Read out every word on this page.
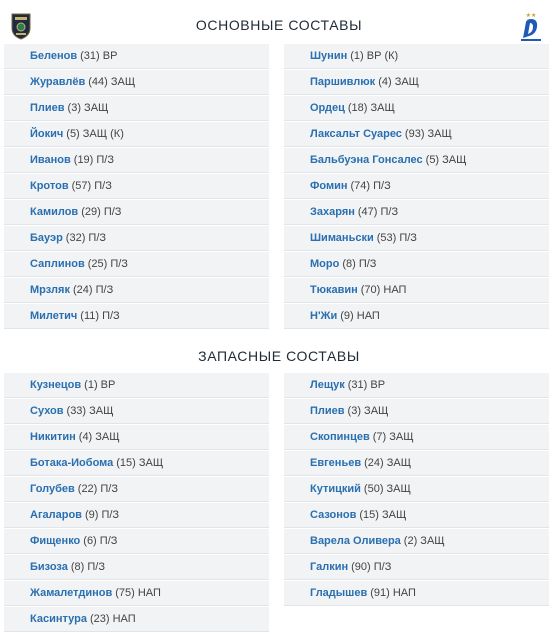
ОСНОВНЫЕ СОСТАВЫ
★★
Беленов (31) ВР
Журавлёв (44) ЗАЩ
Плиев (3) ЗАЩ
Йокич (5) ЗАЩ (К)
Иванов (19) П/З
Кротов (57) П/З
Камилов (29) П/З
Бауэр (32) П/З
Саплинов (25) П/З
Мрзляк (24) П/З
Милетич (11) П/З
Шунин (1) ВР (К)
Паршивлюк (4) ЗАЩ
Ордец (18) ЗАЩ
Лаксальт Суарес (93) ЗАЩ
Бальбуэна Гонсалес (5) ЗАЩ
Фомин (74) П/З
Захарян (47) П/З
Шиманьски (53) П/З
Моро (8) П/З
Тюкавин (70) НАП
Н'Жи (9) НАП
ЗАПАСНЫЕ СОСТАВЫ
Кузнецов (1) ВР
Сухов (33) ЗАЩ
Никитин (4) ЗАЩ
Ботака-Иобома (15) ЗАЩ
Голубев (22) П/З
Агаларов (9) П/З
Фищенко (6) П/З
Бизоза (8) П/З
Жамалетдинов (75) НАП
Касинтура (23) НАП
Лещук (31) ВР
Плиев (3) ЗАЩ
Скопинцев (7) ЗАЩ
Евгеньев (24) ЗАЩ
Кутицкий (50) ЗАЩ
Сазонов (15) ЗАЩ
Варела Оливера (2) ЗАЩ
Галкин (90) П/З
Гладышев (91) НАП
